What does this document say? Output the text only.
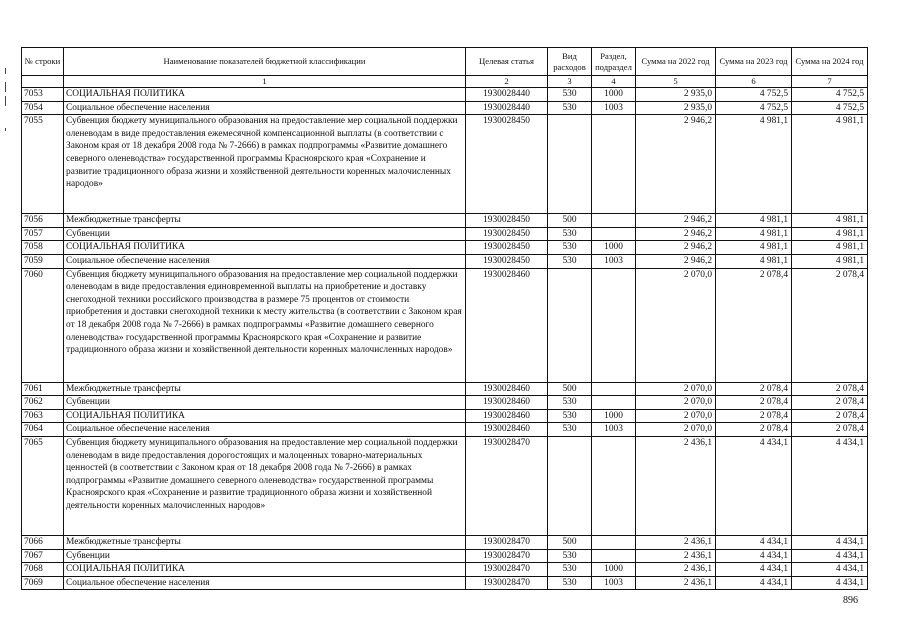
№ строки	Наименование показателей бюджетной классификации	Целевая статья	Вид расходов	Раздел, подраздел	Сумма на 2022 год	Сумма на 2023 год	Сумма на 2024 год
	1	2	3	4	5	6	7
7053	СОЦИАЛЬНАЯ ПОЛИТИКА	1930028440	530	1000	2 935,0	4 752,5	4 752,5
7054	Социальное обеспечение населения	1930028440	530	1003	2 935,0	4 752,5	4 752,5
7055	Субвенция бюджету муниципального образования на предоставление мер социальной поддержки оленеводам в виде предоставления ежемесячной компенсационной выплаты (в соответствии с Законом края от 18 декабря 2008 года № 7-2666) в рамках подпрограммы «Развитие домашнего северного оленеводства» государственной программы Красноярского края «Сохранение и развитие традиционного образа жизни и хозяйственной деятельности коренных малочисленных народов»	1930028450			2 946,2	4 981,1	4 981,1
7056	Межбюджетные трансферты	1930028450	500		2 946,2	4 981,1	4 981,1
7057	Субвенции	1930028450	530		2 946,2	4 981,1	4 981,1
7058	СОЦИАЛЬНАЯ ПОЛИТИКА	1930028450	530	1000	2 946,2	4 981,1	4 981,1
7059	Социальное обеспечение населения	1930028450	530	1003	2 946,2	4 981,1	4 981,1
7060	Субвенция бюджету муниципального образования на предоставление мер социальной поддержки оленеводам в виде предоставления единовременной выплаты на приобретение и доставку снегоходной техники российского производства в размере 75 процентов от стоимости приобретения и доставки снегоходной техники к месту жительства (в соответствии с Законом края от 18 декабря 2008 года № 7-2666) в рамках подпрограммы «Развитие домашнего северного оленеводства» государственной программы Красноярского края «Сохранение и развитие традиционного образа жизни и хозяйственной деятельности коренных малочисленных народов»	1930028460			2 070,0	2 078,4	2 078,4
7061	Межбюджетные трансферты	1930028460	500		2 070,0	2 078,4	2 078,4
7062	Субвенции	1930028460	530		2 070,0	2 078,4	2 078,4
7063	СОЦИАЛЬНАЯ ПОЛИТИКА	1930028460	530	1000	2 070,0	2 078,4	2 078,4
7064	Социальное обеспечение населения	1930028460	530	1003	2 070,0	2 078,4	2 078,4
7065	Субвенция бюджету муниципального образования на предоставление мер социальной поддержки оленеводам в виде предоставления дорогостоящих и малоценных товарно-материальных ценностей (в соответствии с Законом края от 18 декабря 2008 года № 7-2666) в рамках подпрограммы «Развитие домашнего северного оленеводства» государственной программы Красноярского края «Сохранение и развитие традиционного образа жизни и хозяйственной деятельности коренных малочисленных народов»	1930028470			2 436,1	4 434,1	4 434,1
7066	Межбюджетные трансферты	1930028470	500		2 436,1	4 434,1	4 434,1
7067	Субвенции	1930028470	530		2 436,1	4 434,1	4 434,1
7068	СОЦИАЛЬНАЯ ПОЛИТИКА	1930028470	530	1000	2 436,1	4 434,1	4 434,1
7069	Социальное обеспечение населения	1930028470	530	1003	2 436,1	4 434,1	4 434,1
896
